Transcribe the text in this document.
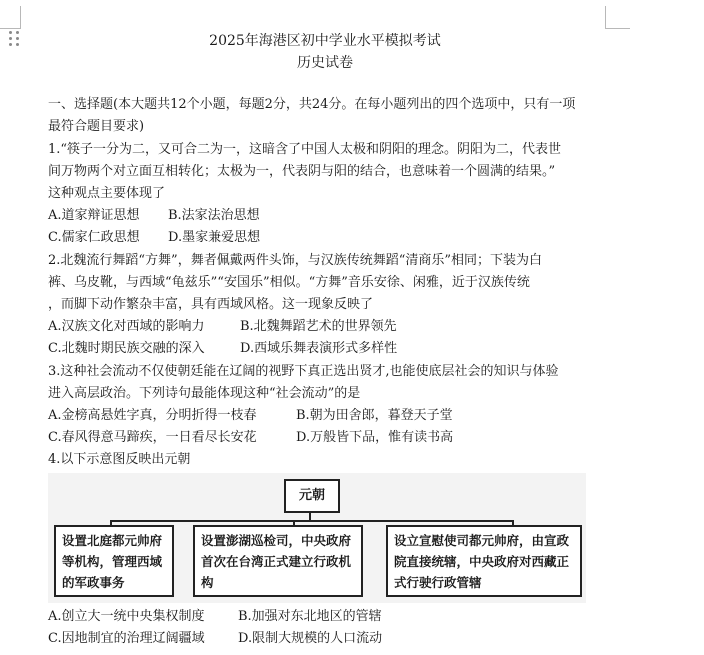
2025年海港区初中学业水平模拟考试
历史试卷
一、选择题(本大题共12个小题，每题2分，共24分。在每小题列出的四个选项中，只有一项
最符合题目要求)
1.“筷子一分为二，又可合二为一，这暗含了中国人太极和阴阳的理念。阴阳为二，代表世
间万物两个对立面互相转化；太极为一，代表阴与阳的结合，也意味着一个圆满的结果。”
这种观点主要体现了
A.道家辩证思想 B.法家法治思想
C.儒家仁政思想 D.墨家兼爱思想
2.北魏流行舞蹈“方舞”，舞者佩戴两件头饰，与汉族传统舞蹈“清商乐”相同；下装为白
裤、乌皮靴，与西域“龟兹乐”“安国乐”相似。“方舞”音乐安徐、闲雅，近于汉族传统
，而脚下动作繁杂丰富，具有西域风格。这一现象反映了
A.汉族文化对西域的影响力	B.北魏舞蹈艺术的世界领先
C.北魏时期民族交融的深入	D.西域乐舞表演形式多样性
3.这种社会流动不仅使朝廷能在辽阔的视野下真正选出贤才,也能使底层社会的知识与体验
进入高层政治。下列诗句最能体现这种“社会流动”的是
A.金榜高悬姓字真，分明折得一枝春	B.朝为田舍郎，暮登天子堂
C.春风得意马蹄疾，一日看尽长安花	D.万般皆下品，惟有读书高
4.以下示意图反映出元朝
元朝
设置北庭都元帅府等机构，管理西域的军政事务
设置澎湖巡检司，中央政府首次在台湾正式建立行政机构
设立宣慰使司都元帅府，由宣政院直接统辖，中央政府对西藏正式行驶行政管辖
A.创立大一统中央集权制度	B.加强对东北地区的管辖
C.因地制宜的治理辽阔疆域	D.限制大规模的人口流动
